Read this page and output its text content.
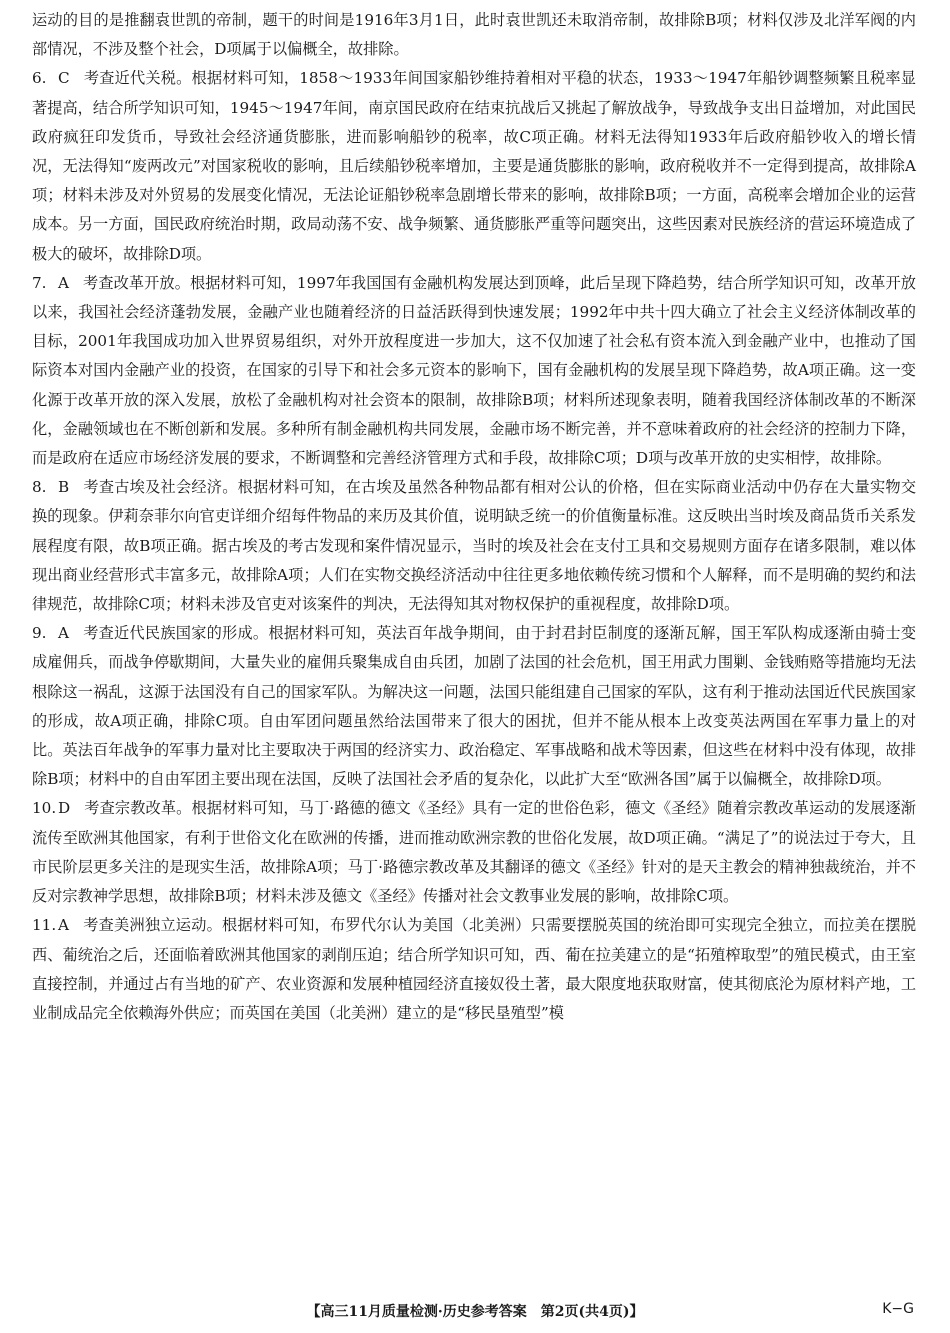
运动的目的是推翻袁世凯的帝制，题干的时间是1916年3月1日，此时袁世凯还未取消帝制，故排除B项；材料仅涉及北洋军阀的内部情况，不涉及整个社会，D项属于以偏概全，故排除。

6. C 考查近代关税。根据材料可知，1858～1933年间国家船钞维持着相对平稳的状态，1933～1947年船钞调整频繁且税率显著提高，结合所学知识可知，1945～1947年间，南京国民政府在结束抗战后又挑起了解放战争，导致战争支出日益增加，对此国民政府疯狂印发货币，导致社会经济通货膨胀，进而影响船钞的税率，故C项正确。材料无法得知1933年后政府船钞收入的增长情况，无法得知“废两改元”对国家税收的影响，且后续船钞税率增加，主要是通货膨胀的影响，政府税收并不一定得到提高，故排除A项；材料未涉及对外贸易的发展变化情况，无法论证船钞税率急剧增长带来的影响，故排除B项；一方面，高税率会增加企业的运营成本。另一方面，国民政府统治时期，政局动荡不安、战争频繁、通货膨胀严重等问题突出，这些因素对民族经济的营运环境造成了极大的破坏，故排除D项。

7. A 考查改革开放。根据材料可知，1997年我国国有金融机构发展达到顶峰，此后呈现下降趋势，结合所学知识可知，改革开放以来，我国社会经济蓬勃发展，金融产业也随着经济的日益活跃得到快速发展；1992年中共十四大确立了社会主义经济体制改革的目标，2001年我国成功加入世界贸易组织，对外开放程度进一步加大，这不仅加速了社会私有资本流入到金融产业中，也推动了国际资本对国内金融产业的投资，在国家的引导下和社会多元资本的影响下，国有金融机构的发展呈现下降趋势，故A项正确。这一变化源于改革开放的深入发展，放松了金融机构对社会资本的限制，故排除B项；材料所述现象表明，随着我国经济体制改革的不断深化，金融领域也在不断创新和发展。多种所有制金融机构共同发展，金融市场不断完善，并不意味着政府的社会经济的控制力下降，而是政府在适应市场经济发展的要求，不断调整和完善经济管理方式和手段，故排除C项；D项与改革开放的史实相悖，故排除。

8. B 考查古埃及社会经济。根据材料可知，在古埃及虽然各种物品都有相对公认的价格，但在实际商业活动中仍存在大量实物交换的现象。伊莉奈菲尔向官吏详细介绍每件物品的来历及其价值，说明缺乏统一的价值衡量标准。这反映出当时埃及商品货币关系发展程度有限，故B项正确。据古埃及的考古发现和案件情况显示，当时的埃及社会在支付工具和交易规则方面存在诸多限制，难以体现出商业经营形式丰富多元，故排除A项；人们在实物交换经济活动中往往更多地依赖传统习惯和个人解释，而不是明确的契约和法律规范，故排除C项；材料未涉及官吏对该案件的判决，无法得知其对物权保护的重视程度，故排除D项。

9. A 考查近代民族国家的形成。根据材料可知，英法百年战争期间，由于封君封臣制度的逐渐瓦解，国王军队构成逐渐由骑士变成雇佣兵，而战争停歇期间，大量失业的雇佣兵聚集成自由兵团，加剧了法国的社会危机，国王用武力围剿、金钱贿赂等措施均无法根除这一祸乱，这源于法国没有自己的国家军队。为解决这一问题，法国只能组建自己国家的军队，这有利于推动法国近代民族国家的形成，故A项正确，排除C项。自由军团问题虽然给法国带来了很大的困扰，但并不能从根本上改变英法两国在军事力量上的对比。英法百年战争的军事力量对比主要取决于两国的经济实力、政治稳定、军事战略和战术等因素，但这些在材料中没有体现，故排除B项；材料中的自由军团主要出现在法国，反映了法国社会矛盾的复杂化，以此扩大至“欧洲各国”属于以偏概全，故排除D项。

10. D 考查宗教改革。根据材料可知，马丁·路德的德文《圣经》具有一定的世俗色彩，德文《圣经》随着宗教改革运动的发展逐渐流传至欧洲其他国家，有利于世俗文化在欧洲的传播，进而推动欧洲宗教的世俗化发展，故D项正确。“满足了”的说法过于夸大，且市民阶层更多关注的是现实生活，故排除A项；马丁·路德宗教改革及其翻译的德文《圣经》针对的是天主教会的精神独裁统治，并不反对宗教神学思想，故排除B项；材料未涉及德文《圣经》传播对社会文教事业发展的影响，故排除C项。

11. A 考查美洲独立运动。根据材料可知，布罗代尔认为美国（北美洲）只需要摆脱英国的统治即可实现完全独立，而拉美在摆脱西、葡统治之后，还面临着欧洲其他国家的剥削压迫；结合所学知识可知，西、葡在拉美建立的是“拓殖榨取型”的殖民模式，由王室直接控制，并通过占有当地的矿产、农业资源和发展种植园经济直接奴役土著，最大限度地获取财富，使其彻底沦为原材料产地，工业制成品完全依赖海外供应；而英国在美国（北美洲）建立的是“移民垦殖型”模

【高三11月质量检测·历史参考答案　第2页(共4页)】	K−G
